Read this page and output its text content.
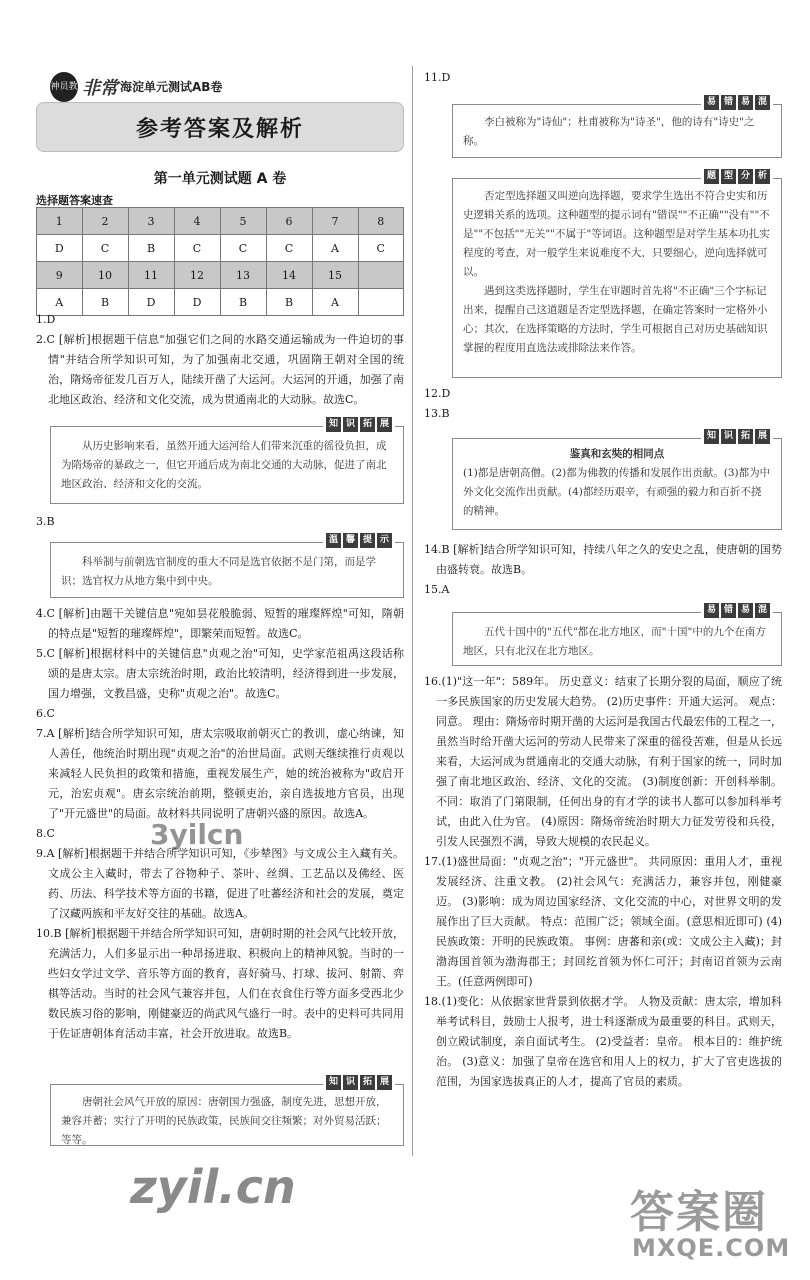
神员教 非常 海淀单元测试AB卷
参考答案及解析
第一单元测试题 A 卷
选择题答案速查
1	2	3	4	5	6	7	8
D	C	B	C	C	C	A	C
9	10	11	12	13	14	15	
A	B	D	D	B	B	A	

1.D

2.C [解析]根据题干信息"加强它们之间的水路交通运输成为一件迫切的事情"并结合所学知识可知，为了加强南北交通，巩固隋王朝对全国的统治，隋炀帝征发几百万人，陆续开凿了大运河。大运河的开通，加强了南北地区政治、经济和文化交流，成为贯通南北的大动脉。故选C。

知 识 拓 展

从历史影响来看，虽然开通大运河给人们带来沉重的徭役负担，成为隋炀帝的暴政之一，但它开通后成为南北交通的大动脉，促进了南北地区政治、经济和文化的交流。

3.B
温 馨 提 示

科举制与前朝选官制度的重大不同是选官依据不是门第，而是学识；选官权力从地方集中到中央。

4.C [解析]由题干关键信息"宛如昙花般脆弱、短暂的璀璨辉煌"可知，隋朝的特点是"短暂的璀璨辉煌"，即繁荣而短暂。故选C。

5.C [解析]根据材料中的关键信息"贞观之治"可知，史学家范祖禹这段话称颂的是唐太宗。唐太宗统治时期，政治比较清明，经济得到进一步发展，国力增强，文教昌盛，史称"贞观之治"。故选C。

6.C

7.A [解析]结合所学知识可知，唐太宗吸取前朝灭亡的教训，虚心纳谏，知人善任，他统治时期出现"贞观之治"的治世局面。武则天继续推行贞观以来减轻人民负担的政策和措施，重视发展生产，她的统治被称为"政启开元，治宏贞观"。唐玄宗统治前期，整顿吏治，亲自选拔地方官员，出现了"开元盛世"的局面。故材料共同说明了唐朝兴盛的原因。故选A。

8.C

9.A [解析]根据题干并结合所学知识可知，《步辇图》与文成公主入藏有关。文成公主入藏时，带去了谷物种子、茶叶、丝绸、工艺品以及佛经、医药、历法、科学技术等方面的书籍，促进了吐蕃经济和社会的发展，奠定了汉藏两族和平友好交往的基础。故选A。

10.B [解析]根据题干并结合所学知识可知，唐朝时期的社会风气比较开放，充满活力，人们多显示出一种昂扬进取、积极向上的精神风貌。当时的一些妇女学过文学、音乐等方面的教育，喜好骑马、打球、拔河、射箭、弈棋等活动。当时的社会风气兼容并包，人们在衣食住行等方面多受西北少数民族习俗的影响，刚健豪迈的尚武风气盛行一时。表中的史料可共同用于佐证唐朝体育活动丰富，社会开放进取。故选B。

知 识 拓 展

唐朝社会风气开放的原因：唐朝国力强盛，制度先进，思想开放，兼容并蓄；实行了开明的民族政策，民族间交往频繁；对外贸易活跃；等等。

11.D
易 错 易 混

李白被称为"诗仙"；杜甫被称为"诗圣"，他的诗有"诗史"之称。

题 型 分 析

否定型选择题又叫逆向选择题，要求学生选出不符合史实和历史逻辑关系的选项。这种题型的提示词有"错误""不正确""没有""不是""不包括""无关""不属于"等词语。这种题型是对学生基本功扎实程度的考查，对一般学生来说难度不大，只要细心，逆向选择就可以。

遇到这类选择题时，学生在审题时首先将"不正确"三个字标记出来，提醒自己这道题是否定型选择题，在确定答案时一定格外小心；其次，在选择策略的方法时，学生可根据自己对历史基础知识掌握的程度用直选法或排除法来作答。

12.D

13.B

知 识 拓 展
鉴真和玄奘的相同点

(1)都是唐朝高僧。(2)都为佛教的传播和发展作出贡献。(3)都为中外文化交流作出贡献。(4)都经历艰辛，有顽强的毅力和百折不挠的精神。

14.B [解析]结合所学知识可知，持续八年之久的安史之乱，使唐朝的国势由盛转衰。故选B。

15.A

易 错 易 混

五代十国中的"五代"都在北方地区，而"十国"中的九个在南方地区，只有北汉在北方地区。

16.(1)"这一年"：589年。 历史意义：结束了长期分裂的局面，顺应了统一多民族国家的历史发展大趋势。 (2)历史事件：开通大运河。 观点：同意。 理由：隋炀帝时期开凿的大运河是我国古代最宏伟的工程之一，虽然当时给开凿大运河的劳动人民带来了深重的徭役苦难，但是从长远来看，大运河成为贯通南北的交通大动脉，有利于国家的统一，同时加强了南北地区政治、经济、文化的交流。 (3)制度创新：开创科举制。 不同：取消了门第限制，任何出身的有才学的读书人都可以参加科举考试，由此入仕为官。 (4)原因：隋炀帝统治时期大力征发劳役和兵役，引发人民强烈不满，导致大规模的农民起义。

17.(1)盛世局面："贞观之治"；"开元盛世"。 共同原因：重用人才，重视发展经济、注重文教。 (2)社会风气：充满活力，兼容并包，刚健豪迈。 (3)影响：成为周边国家经济、文化交流的中心，对世界文明的发展作出了巨大贡献。 特点：范围广泛；领域全面。(意思相近即可) (4)民族政策：开明的民族政策。 事例：唐蕃和亲(或：文成公主入藏)；封渤海国首领为渤海郡王；封回纥首领为怀仁可汗；封南诏首领为云南王。(任意两例即可)

18.(1)变化：从依据家世背景到依据才学。 人物及贡献：唐太宗，增加科举考试科目，鼓励士人报考，进士科逐渐成为最重要的科目。武则天，创立殿试制度，亲自面试考生。 (2)受益者：皇帝。 根本目的：维护统治。 (3)意义：加强了皇帝在选官和用人上的权力，扩大了官吏选拔的范围，为国家选拔真正的人才，提高了官员的素质。

3yilcn
zyil.cn	答案圈
MXQE.COM
